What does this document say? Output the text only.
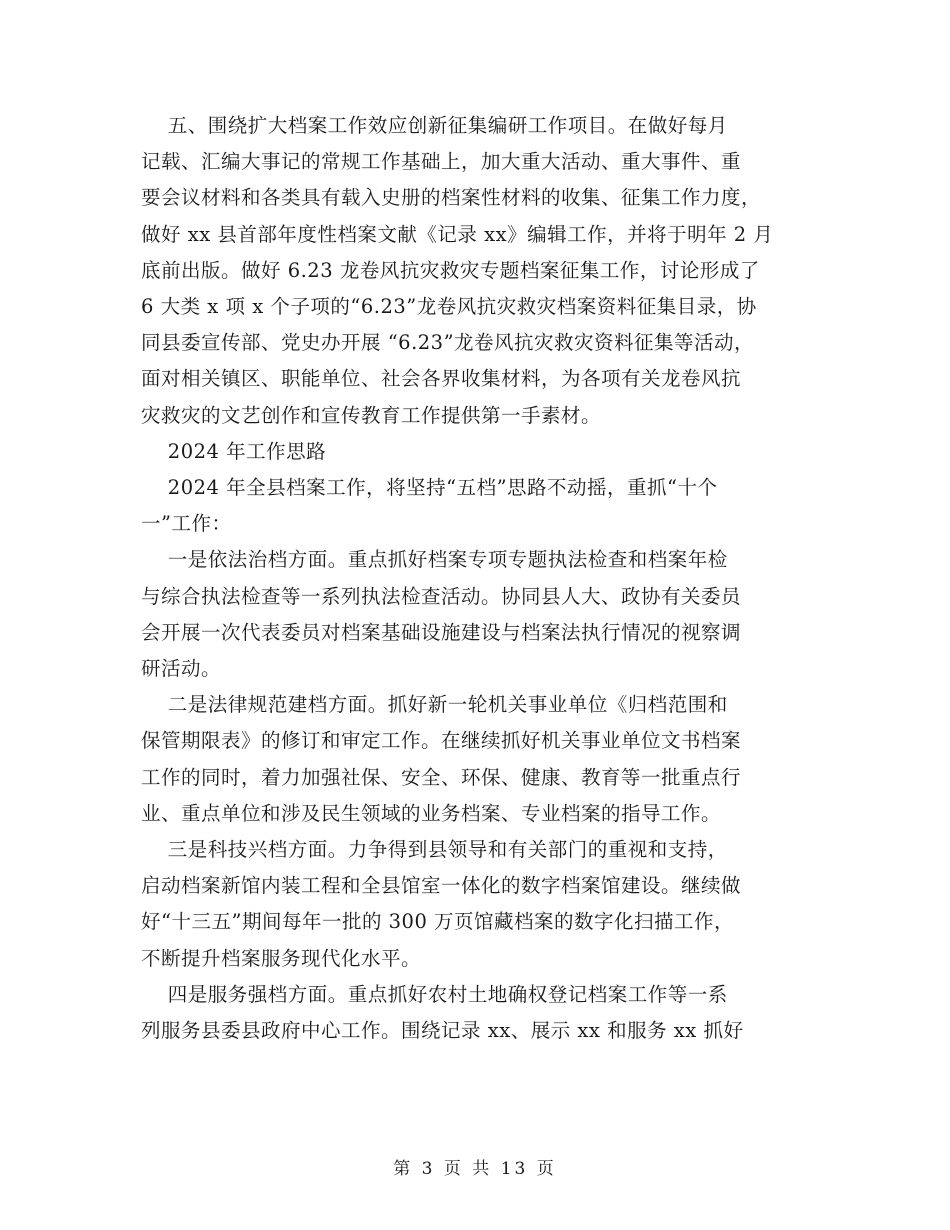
五、围绕扩大档案工作效应创新征集编研工作项目。在做好每月

记载、汇编大事记的常规工作基础上，加大重大活动、重大事件、重

要会议材料和各类具有载入史册的档案性材料的收集、征集工作力度，

做好 xx 县首部年度性档案文献《记录 xx》编辑工作，并将于明年 2 月

底前出版。做好 6.23 龙卷风抗灾救灾专题档案征集工作，讨论形成了

6 大类 x 项 x 个子项的“6.23”龙卷风抗灾救灾档案资料征集目录，协

同县委宣传部、党史办开展 “6.23”龙卷风抗灾救灾资料征集等活动，

面对相关镇区、职能单位、社会各界收集材料，为各项有关龙卷风抗

灾救灾的文艺创作和宣传教育工作提供第一手素材。

2024 年工作思路

2024 年全县档案工作，将坚持“五档”思路不动摇，重抓“十个

一”工作：

一是依法治档方面。重点抓好档案专项专题执法检查和档案年检

与综合执法检查等一系列执法检查活动。协同县人大、政协有关委员

会开展一次代表委员对档案基础设施建设与档案法执行情况的视察调

研活动。

二是法律规范建档方面。抓好新一轮机关事业单位《归档范围和

保管期限表》的修订和审定工作。在继续抓好机关事业单位文书档案

工作的同时，着力加强社保、安全、环保、健康、教育等一批重点行

业、重点单位和涉及民生领域的业务档案、专业档案的指导工作。

三是科技兴档方面。力争得到县领导和有关部门的重视和支持，

启动档案新馆内装工程和全县馆室一体化的数字档案馆建设。继续做

好“十三五”期间每年一批的 300 万页馆藏档案的数字化扫描工作，

不断提升档案服务现代化水平。

四是服务强档方面。重点抓好农村土地确权登记档案工作等一系

列服务县委县政府中心工作。围绕记录 xx、展示 xx 和服务 xx 抓好

第 3 页 共 13 页
